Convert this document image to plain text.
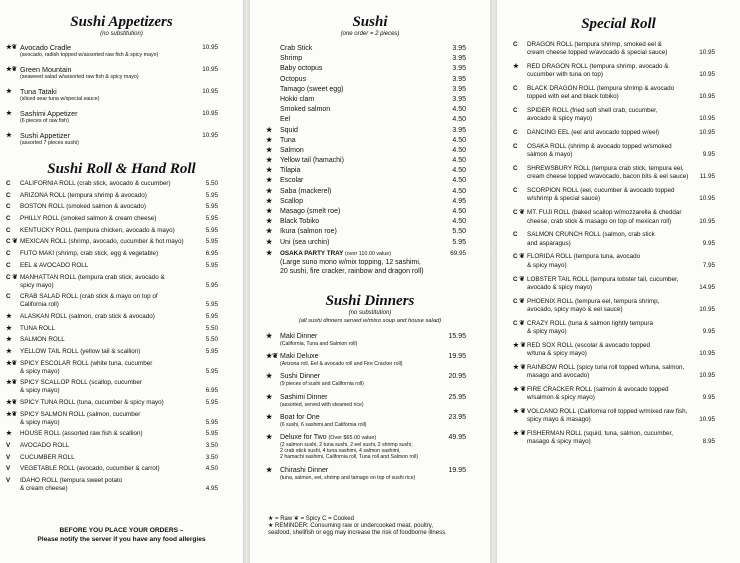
Sushi Appetizers
(no substitution)
★❦ Avocado Cradle	10.95
(avocado, radish topped w/assorted raw fish & spicy mayo)
★❦ Green Mountain	10.95
(seaweed salad w/assorted raw fish & spicy mayo)
★	Tuna Tataki	10.95
(sliced sear tuna w/special sauce)
★	Sashimi Appetizer	10.95
(6 pieces of raw fish)
★	Sushi Appetizer	10.95
(assorted 7 pieces sushi)
Sushi Roll & Hand Roll
C	CALIFORNIA ROLL (crab stick, avocado & cucumber)	5.50
C	ARIZONA ROLL (tempura shrimp & avocado)	5.95
C	BOSTON ROLL (smoked salmon & avocado)	5.95
C	PHILLY ROLL (smoked salmon & cream cheese)	5.95
C	KENTUCKY ROLL (tempura chicken, avocado & mayo)	5.95
C ❦ MEXICAN ROLL (shrimp, avocado, cucumber & hot mayo)	5.95
C	FUTO MAKI (shrimp, crab stick, egg & vegetable)	6.95
C	EEL & AVOCADO ROLL	5.95
C ❦ MANHATTAN ROLL (tempura crab stick, avocado &
spicy mayo)	5.95
C	CRAB SALAD ROLL (crab stick & mayo on top of
California roll)	5.95
★	ALASKAN ROLL (salmon, crab stick & avocado)	5.95
★	TUNA ROLL	5.50
★	SALMON ROLL	5.50
★	YELLOW TAIL ROLL (yellow tail & scallion)	5.95
★❦ SPICY ESCOLAR ROLL (white tuna, cucumber
& spicy mayo)	5.95
★❦ SPICY SCALLOP ROLL (scallop, cucumber
& spicy mayo)	6.95
★❦ SPICY TUNA ROLL (tuna, cucumber & spicy mayo)	5.95
★❦ SPICY SALMON ROLL (salmon, cucumber
& spicy mayo)	5.95
★	HOUSE ROLL (assorted raw fish & scallion)	5.95
V	AVOCADO ROLL	3.50
V	CUCUMBER ROLL	3.50
V	VEGETABLE ROLL (avocado, cucumber & carrot)	4.50
V	IDAHO ROLL (tempura sweet potato
& cream cheese)	4.95
BEFORE YOU PLACE YOUR ORDERS –
Please notify the server if you have any food allergies
Sushi
(one order = 2 pieces)
Crab Stick	3.95
Shrimp	3.95
Baby octopus	3.95
Octopus	3.95
Tamago (sweet egg)	3.95
Hokki clam	3.95
Smoked salmon	4.50
Eel	4.50
★	Squid	3.95
★	Tuna	4.50
★	Salmon	4.50
★	Yellow tail (hamachi)	4.50
★	Tilapia	4.50
★	Escolar	4.50
★	Saba (mackerel)	4.50
★	Scallop	4.95
★	Masago (smelt roe)	4.50
★	Black Tobiko	4.50
★	Ikura (salmon roe)	5.50
★	Uni (sea urchin)	5.95
★	OSAKA PARTY TRAY (over 110.00 value)	69.95
(Large suno mono w/mix topping, 12 sashimi,
20 sushi, fire cracker, rainbow and dragon roll)
Sushi Dinners
(no substitution)
(all sushi dinners served w/miso soup and house salad)
★	Maki Dinner	15.95
(California, Tuna and Salmon roll)
★❦ Maki Deluxe	19.95
(Arizona roll, Eel & avocado roll and Fire Cracker roll)
★	Sushi Dinner	20.95
(9 pieces of sushi and California roll)
★	Sashimi Dinner	25.95
(assorted, served with steamed rice)
★	Boat for One	23.95
(6 sushi, 6 sashimi and California roll)
★	Deluxe for Two (Over $65.00 value)	49.95
(2 salmon sushi, 2 tuna sushi, 2 eel sushi, 2 shrimp sushi,
2 crab stick sushi, 4 tuna sashimi, 4 salmon sashimi,
2 hamachi sashimi, California roll, Tuna roll and Salmon roll)
★	Chirashi Dinner	19.95
(tuna, salmon, eel, shrimp and tamago on top of sushi rice)
★ = Raw ❦ = Spicy C = Cooked
★ REMINDER: Consuming raw or undercooked meat, poultry,
seafood, shellfish or egg may increase the risk of foodborne illness.
Special Roll
C	DRAGON ROLL (tempura shrimp, smoked eel &
cream cheese topped w/avocado & special sauce)	10.95
★	RED DRAGON ROLL (tempura shrimp, avocado &
cucumber with tuna on top)	10.95
C	BLACK DRAGON ROLL (tempura shrimp & avocado
topped with eel and black tobiko)	10.95
C	SPIDER ROLL (fried soft shell crab, cucumber,
avocado & spicy mayo)	10.95
C	DANCING EEL (eel and avocado topped w/eel)	10.95
C	OSAKA ROLL (shrimp & avocado topped w/smoked
salmon & mayo)	9.95
C	SHREWSBURY ROLL (tempura crab stick, tempura eel,
cream cheese topped w/avocado, bacon bits & eel sauce) 11.95
C	SCORPION ROLL (eel, cucumber & avocado topped
w/shrimp & special sauce)	10.95
C ❦ MT. FUJI ROLL (baked scallop w/mozzarella & cheddar
cheese, crab stick & masago on top of mexican roll)	10.95
C	SALMON CRUNCH ROLL (salmon, crab stick
and asparagus)	9.95
C ❦ FLORIDA ROLL (tempura tuna, avocado
& spicy mayo)	7.95
C ❦ LOBSTER TAIL ROLL (tempura lobster tail, cucumber,
avocado & spicy mayo)	14.95
C ❦ PHOENIX ROLL (tempura eel, tempura shrimp,
avocado, spicy mayo & eel sauce)	10.95
C ❦ CRAZY ROLL (tuna & salmon lightly tempura
& spicy mayo)	9.95
★ ❦ RED SOX ROLL (escolar & avocado topped
w/tuna & spicy mayo)	10.95
★ ❦ RAINBOW ROLL (spicy tuna roll topped w/tuna, salmon,
masago and avocado)	10.95
★ ❦ FIRE CRACKER ROLL (salmon & avocado topped
w/salmon & spicy mayo)	9.95
★ ❦ VOLCANO ROLL (California roll topped w/mixed raw fish,
spicy mayo & masago)	10.95
★ ❦ FISHERMAN ROLL (squid, tuna, salmon, cucumber,
masago & spicy mayo)	8.95
